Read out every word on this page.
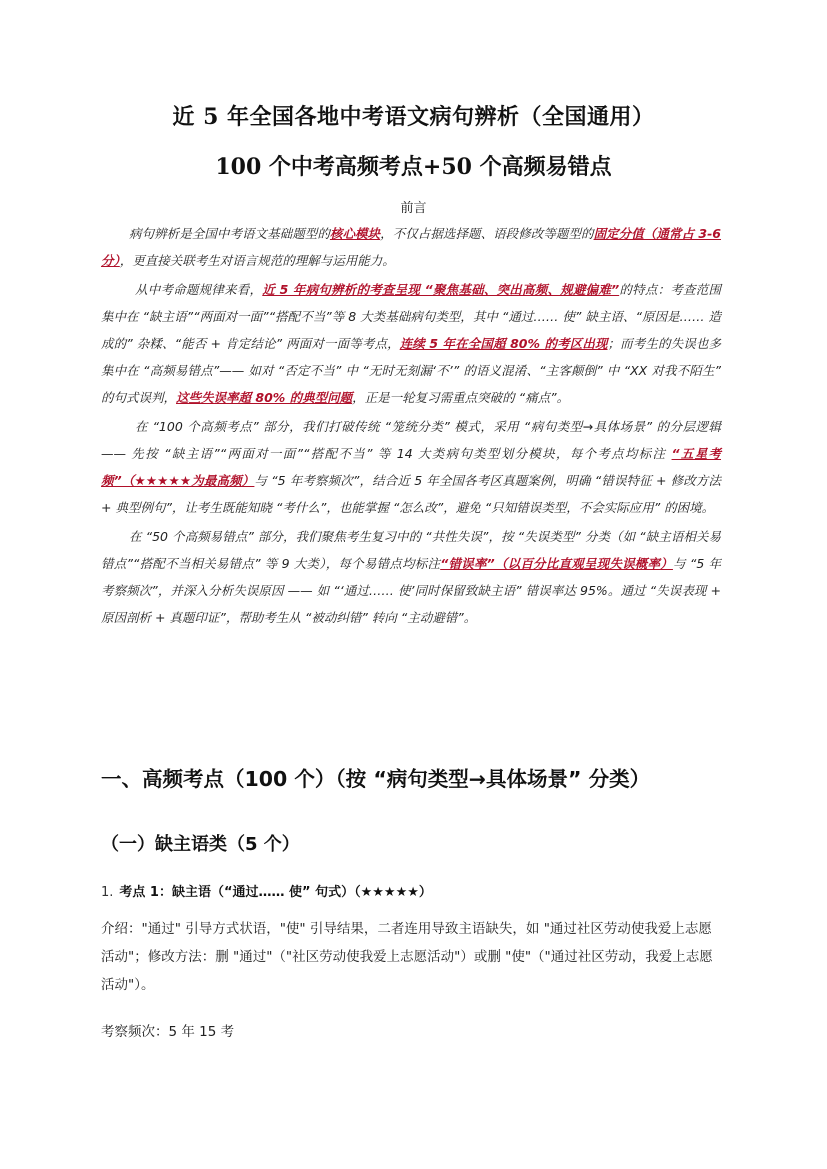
近 5 年全国各地中考语文病句辨析（全国通用）
100 个中考高频考点+50 个高频易错点
前言

病句辨析是全国中考语文基础题型的核心模块，不仅占据选择题、语段修改等题型的固定分值（通常占 3-6 分），更直接关联考生对语言规范的理解与运用能力。

从中考命题规律来看，近 5 年病句辨析的考查呈现 “聚焦基础、突出高频、规避偏难”的特点：考查范围集中在 “缺主语”“两面对一面”“搭配不当”等 8 大类基础病句类型，其中 “通过…… 使” 缺主语、“原因是…… 造成的” 杂糅、“能否 + 肯定结论” 两面对一面等考点，连续 5 年在全国超 80% 的考区出现；而考生的失误也多集中在 “高频易错点”—— 如对 “否定不当” 中 “无时无刻漏‘不’” 的语义混淆、“主客颠倒” 中 “XX 对我不陌生” 的句式误判，这些失误率超 80% 的典型问题，正是一轮复习需重点突破的 “痛点”。

在 “100 个高频考点” 部分，我们打破传统 “笼统分类” 模式，采用 “病句类型→具体场景” 的分层逻辑 —— 先按 “缺主语”“两面对一面”“搭配不当” 等 14 大类病句类型划分模块，每个考点均标注 “五星考频”（★★★★★为最高频）与 “5 年考察频次”，结合近 5 年全国各考区真题案例，明确 “错误特征 + 修改方法 + 典型例句”，让考生既能知晓 “考什么”，也能掌握 “怎么改”，避免 “只知错误类型，不会实际应用” 的困境。

在 “50 个高频易错点” 部分，我们聚焦考生复习中的 “共性失误”，按 “失误类型” 分类（如 “缺主语相关易错点”“搭配不当相关易错点” 等 9 大类），每个易错点均标注“错误率”（以百分比直观呈现失误概率）与 “5 年考察频次”，并深入分析失误原因 —— 如 “‘通过…… 使’同时保留致缺主语” 错误率达 95%。通过 “失误表现 + 原因剖析 + 真题印证”，帮助考生从 “被动纠错” 转向 “主动避错”。

一、高频考点（100 个）（按 “病句类型→具体场景” 分类）
（一）缺主语类（5 个）
1. 考点 1：缺主语（“通过…… 使” 句式）（★★★★★）
介绍："通过" 引导方式状语，"使" 引导结果，二者连用导致主语缺失，如 "通过社区劳动使我爱上志愿活动"；修改方法：删 "通过"（"社区劳动使我爱上志愿活动"）或删 "使"（"通过社区劳动，我爱上志愿活动"）。
考察频次：5 年 15 考
